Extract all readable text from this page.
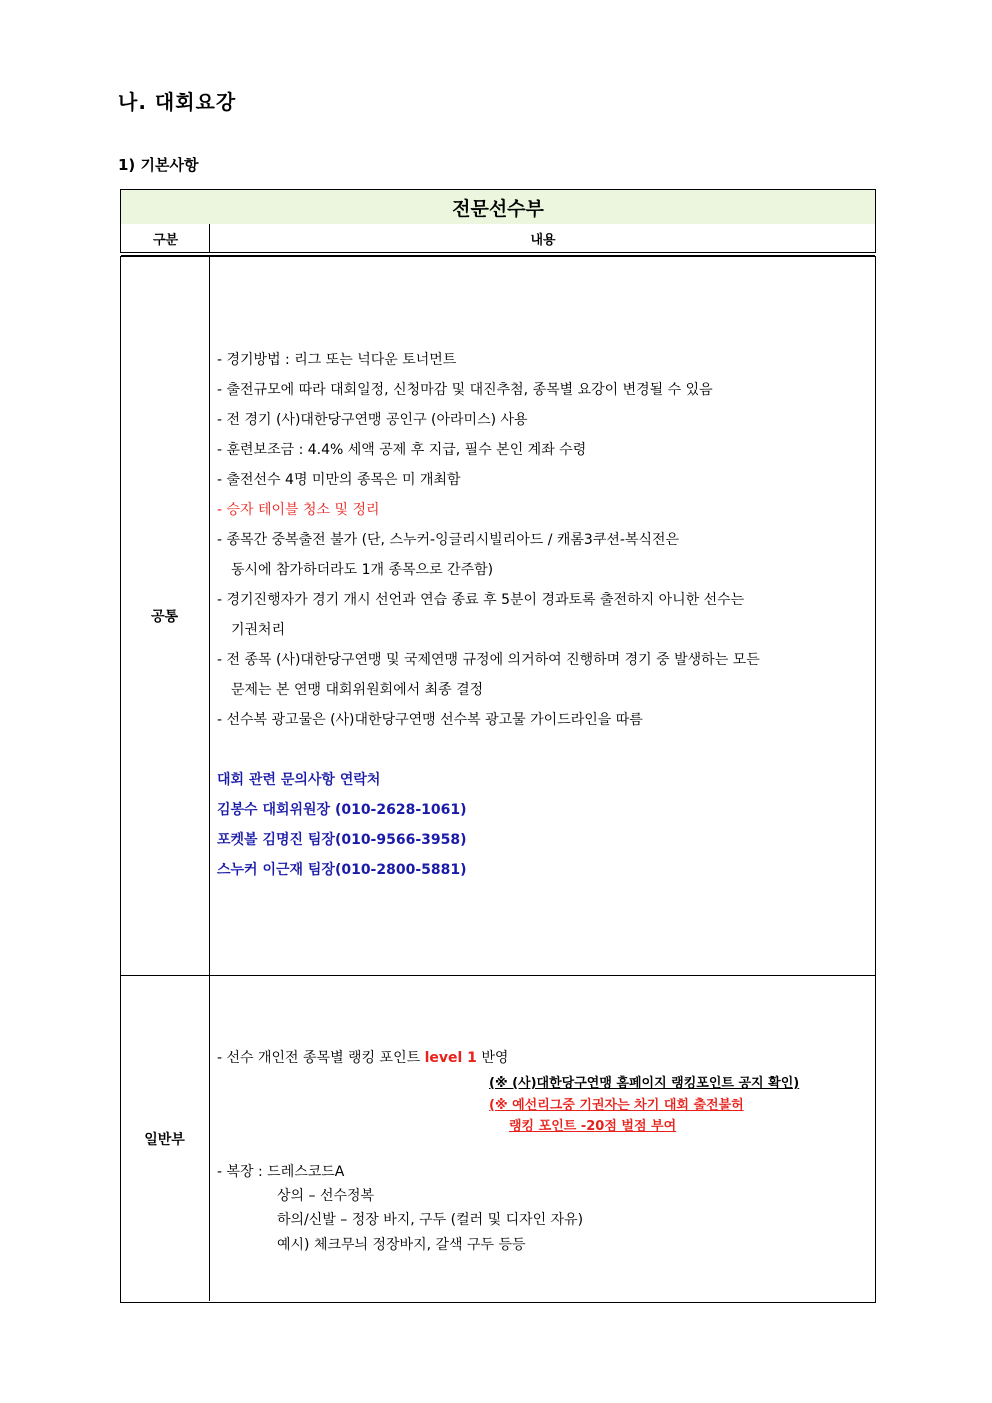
나. 대회요강
1) 기본사항
전문선수부
구분	내용
공통
- 경기방법 : 리그 또는 넉다운 토너먼트
- 출전규모에 따라 대회일정, 신청마감 및 대진추첨, 종목별 요강이 변경될 수 있음
- 전 경기 (사)대한당구연맹 공인구 (아라미스) 사용
- 훈련보조금 : 4.4% 세액 공제 후 지급, 필수 본인 계좌 수령
- 출전선수 4명 미만의 종목은 미 개최함
- 승자 테이블 청소 및 정리
- 종목간 중복출전 불가 (단, 스누커-잉글리시빌리아드 / 캐롬3쿠션-복식전은
동시에 참가하더라도 1개 종목으로 간주함)
- 경기진행자가 경기 개시 선언과 연습 종료 후 5분이 경과토록 출전하지 아니한 선수는
기권처리
- 전 종목 (사)대한당구연맹 및 국제연맹 규정에 의거하여 진행하며 경기 중 발생하는 모든
문제는 본 연맹 대회위원회에서 최종 결정
- 선수복 광고물은 (사)대한당구연맹 선수복 광고물 가이드라인을 따름
대회 관련 문의사항 연락처
김봉수 대회위원장 (010-2628-1061)
포켓볼 김명진 팀장(010-9566-3958)
스누커 이근재 팀장(010-2800-5881)
일반부
- 선수 개인전 종목별 랭킹 포인트 level 1 반영
(※ (사)대한당구연맹 홈페이지 랭킹포인트 공지 확인)
(※ 예선리그중 기권자는 차기 대회 출전불허
랭킹 포인트 -20점 벌점 부여
- 복장 : 드레스코드A
상의 – 선수정복
하의/신발 – 정장 바지, 구두 (컬러 및 디자인 자유)
예시) 체크무늬 정장바지, 갈색 구두 등등
